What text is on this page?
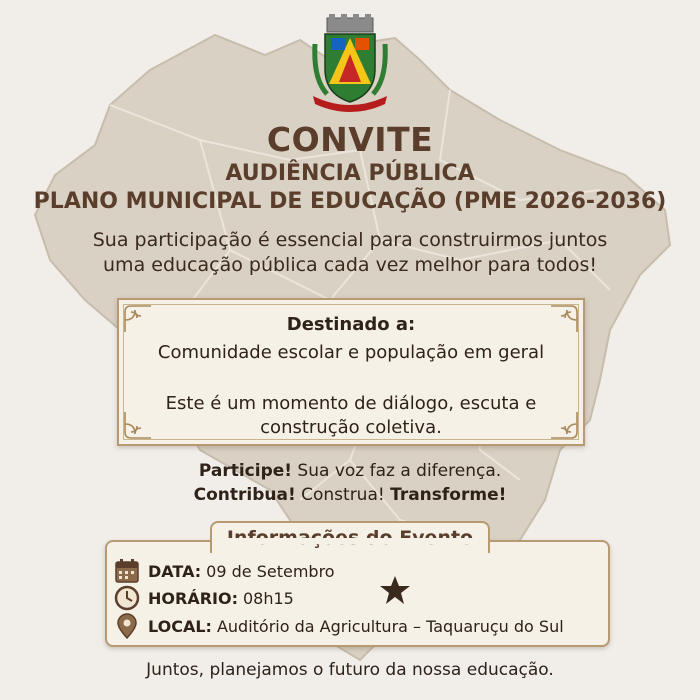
CONVITE
AUDIÊNCIA PÚBLICA
PLANO MUNICIPAL DE EDUCAÇÃO (PME 2026-2036)
Sua participação é essencial para construirmos juntos
uma educação pública cada vez melhor para todos!
Destinado a:
Comunidade escolar e população em geral
Este é um momento de diálogo, escuta e
construção coletiva.
Participe! Sua voz faz a diferença.
Contribua! Construa! Transforme!
DATA: 09 de Setembro
HORÁRIO: 08h15
LOCAL: Auditório da Agricultura – Taquaruçu do Sul
Juntos, planejamos o futuro da nossa educação.
